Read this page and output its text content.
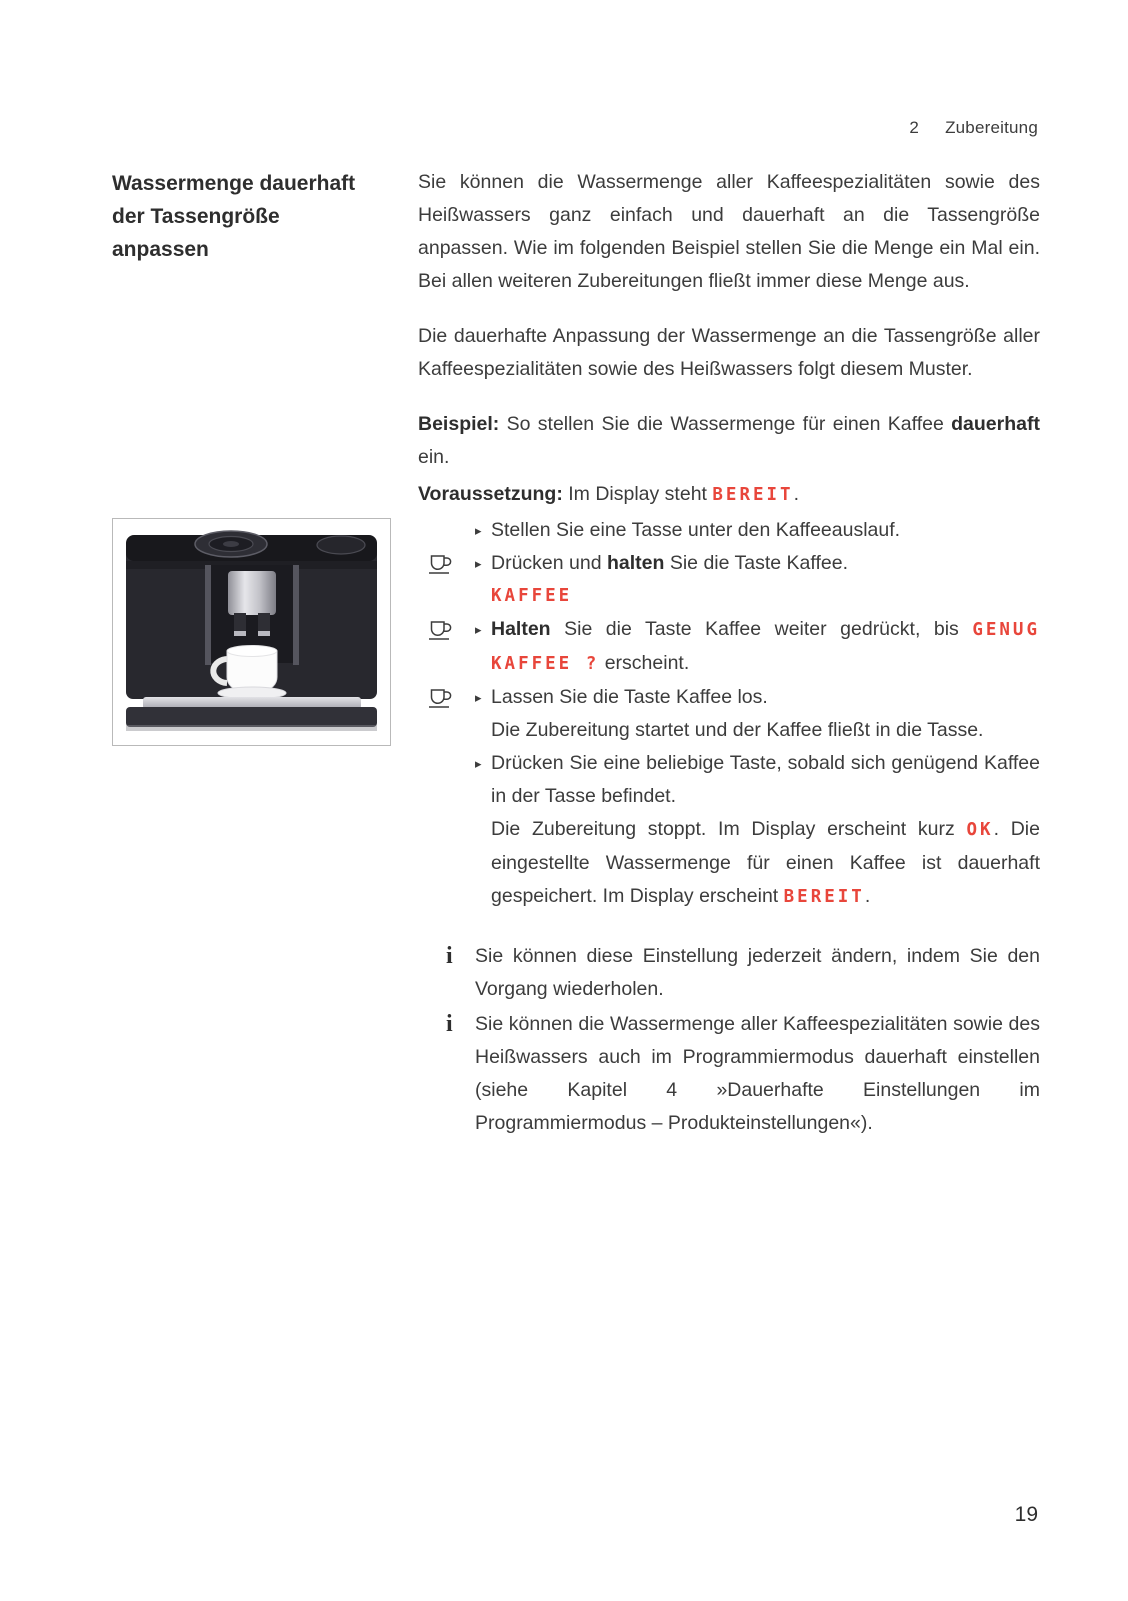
2 Zubereitung
Wassermenge dauerhaft
der Tassengröße
anpassen

Sie können die Wassermenge aller Kaffeespezialitäten sowie des Heißwassers ganz einfach und dauerhaft an die Tassengröße anpassen. Wie im folgenden Beispiel stellen Sie die Menge ein Mal ein. Bei allen weiteren Zubereitungen fließt immer diese Menge aus.

Die dauerhafte Anpassung der Wassermenge an die Tassengröße aller Kaffeespezialitäten sowie des Heißwassers folgt diesem Muster.

Beispiel: So stellen Sie die Wassermenge für einen Kaffee dauerhaft ein.

Voraussetzung: Im Display steht BEREIT.

▸ Stellen Sie eine Tasse unter den Kaffeeauslauf.
▸ Drücken und halten Sie die Taste Kaffee.
KAFFEE
▸ Halten Sie die Taste Kaffee weiter gedrückt, bis GENUG KAFFEE ? erscheint.
▸ Lassen Sie die Taste Kaffee los.
Die Zubereitung startet und der Kaffee fließt in die Tasse.
▸ Drücken Sie eine beliebige Taste, sobald sich genügend Kaffee in der Tasse befindet.
Die Zubereitung stoppt. Im Display erscheint kurz OK. Die eingestellte Wassermenge für einen Kaffee ist dauerhaft gespeichert. Im Display erscheint BEREIT.
i	Sie können diese Einstellung jederzeit ändern, indem Sie den Vorgang wiederholen.
i	Sie können die Wassermenge aller Kaffeespezialitäten sowie des Heißwassers auch im Programmiermodus dauerhaft einstellen (siehe Kapitel 4 »Dauerhafte Einstellungen im Programmiermodus – Produkteinstellungen«).
19
